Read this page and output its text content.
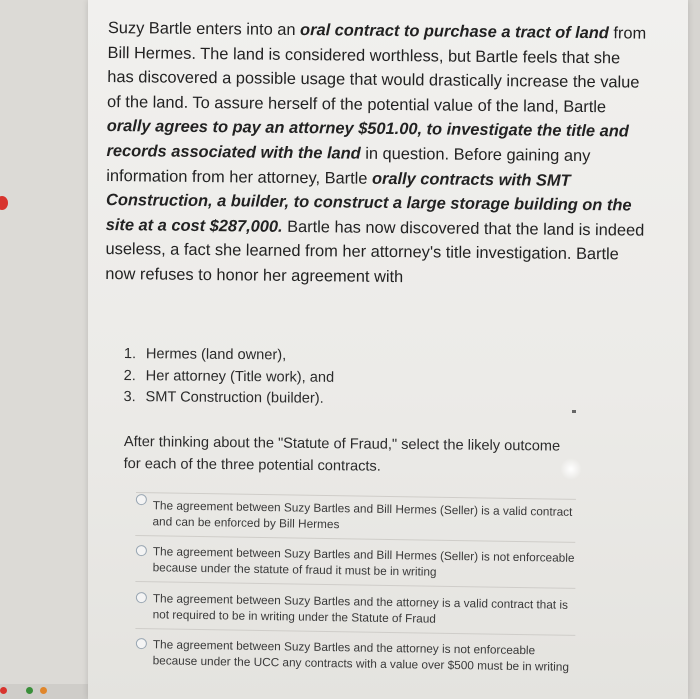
Suzy Bartle enters into an oral contract to purchase a tract of land from Bill Hermes. The land is considered worthless, but Bartle feels that she has discovered a possible usage that would drastically increase the value of the land. To assure herself of the potential value of the land, Bartle orally agrees to pay an attorney $501.00, to investigate the title and records associated with the land in question. Before gaining any information from her attorney, Bartle orally contracts with SMT Construction, a builder, to construct a large storage building on the site at a cost $287,000. Bartle has now discovered that the land is indeed useless, a fact she learned from her attorney's title investigation. Bartle now refuses to honor her agreement with
1. Hermes (land owner),
2. Her attorney (Title work), and
3. SMT Construction (builder).
After thinking about the "Statute of Fraud," select the likely outcome for each of the three potential contracts.
The agreement between Suzy Bartles and Bill Hermes (Seller) is a valid contract and can be enforced by Bill Hermes
The agreement between Suzy Bartles and Bill Hermes (Seller) is not enforceable because under the statute of fraud it must be in writing
The agreement between Suzy Bartles and the attorney is a valid contract that is not required to be in writing under the Statute of Fraud
The agreement between Suzy Bartles and the attorney is not enforceable because under the UCC any contracts with a value over $500 must be in writing
